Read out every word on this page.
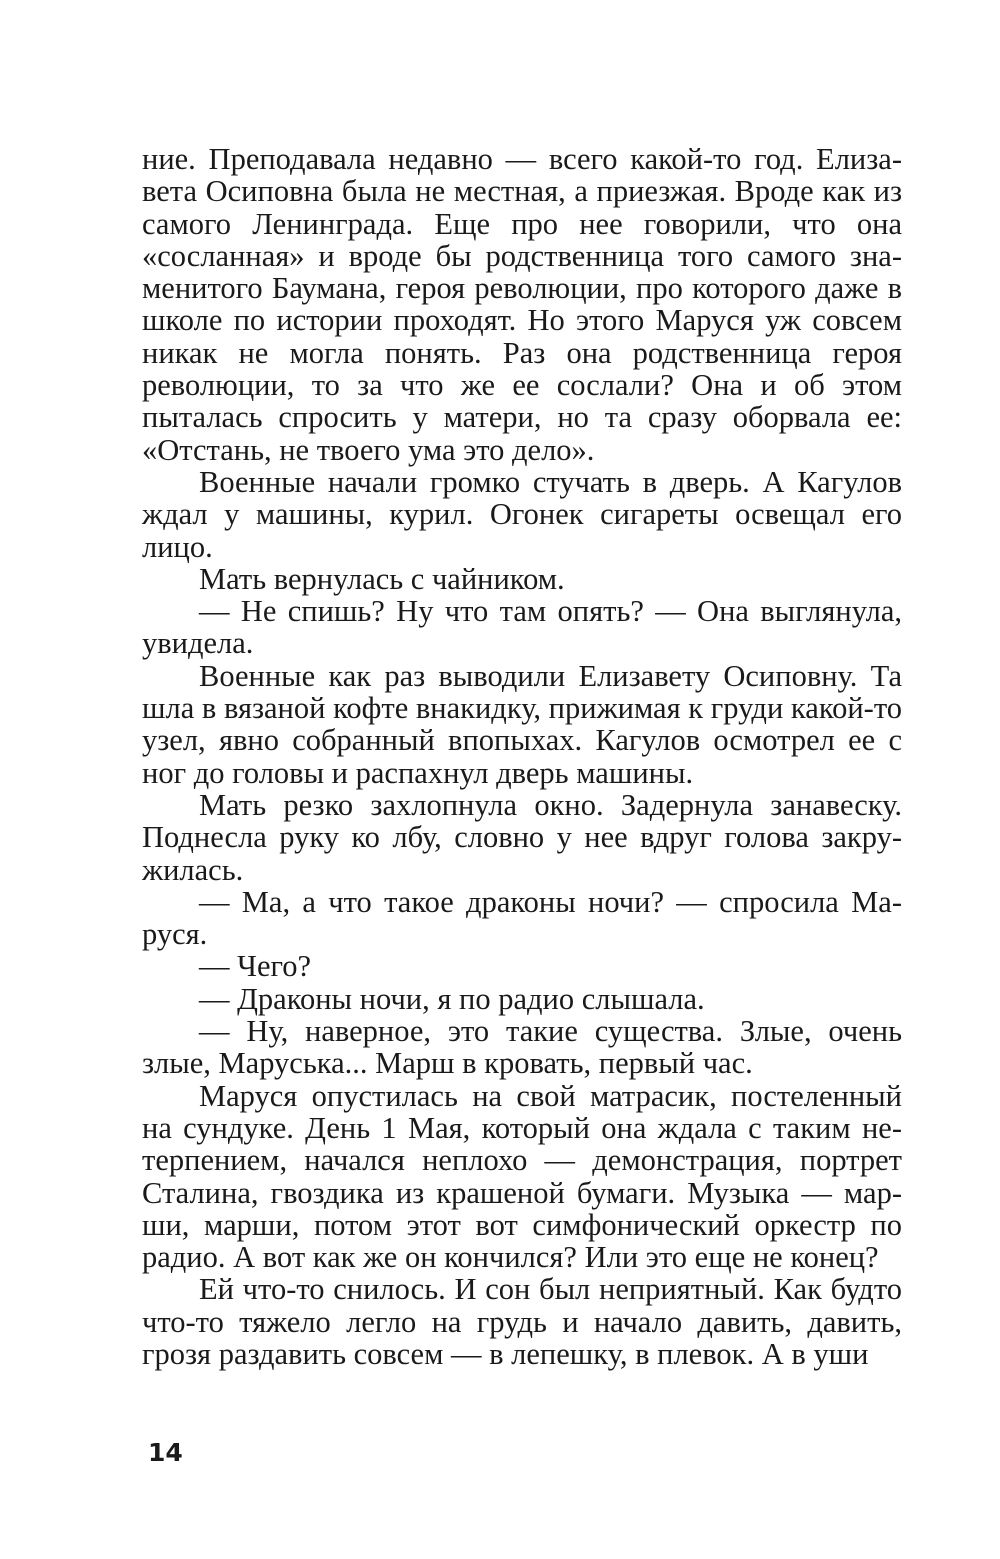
ние. Преподавала недавно — всего какой-то год. Елизавета Осиповна была не местная, а приезжая. Вроде как из самого Ленинграда. Еще про нее говорили, что она «сосланная» и вроде бы родственница того самого знаменитого Баумана, героя революции, про которого даже в школе по истории проходят. Но этого Маруся уж совсем никак не могла понять. Раз она родственница героя революции, то за что же ее сослали? Она и об этом пыталась спросить у матери, но та сразу оборвала ее: «Отстань, не твоего ума это дело».

Военные начали громко стучать в дверь. А Кагулов ждал у машины, курил. Огонек сигареты освещал его лицо.

Мать вернулась с чайником.

— Не спишь? Ну что там опять? — Она выглянула, увидела.

Военные как раз выводили Елизавету Осиповну. Та шла в вязаной кофте внакидку, прижимая к груди какой-то узел, явно собранный впопыхах. Кагулов осмотрел ее с ног до головы и распахнул дверь машины.

Мать резко захлопнула окно. Задернула занавеску. Поднесла руку ко лбу, словно у нее вдруг голова закружилась.

— Ма, а что такое драконы ночи? — спросила Маруся.

— Чего?

— Драконы ночи, я по радио слышала.

— Ну, наверное, это такие существа. Злые, очень злые, Маруська... Марш в кровать, первый час.

Маруся опустилась на свой матрасик, постеленный на сундуке. День 1 Мая, который она ждала с таким нетерпением, начался неплохо — демонстрация, портрет Сталина, гвоздика из крашеной бумаги. Музыка — марши, марши, потом этот вот симфонический оркестр по радио. А вот как же он кончился? Или это еще не конец?

Ей что-то снилось. И сон был неприятный. Как будто что-то тяжело легло на грудь и начало давить, давить, грозя раздавить совсем — в лепешку, в плевок. А в уши

14
